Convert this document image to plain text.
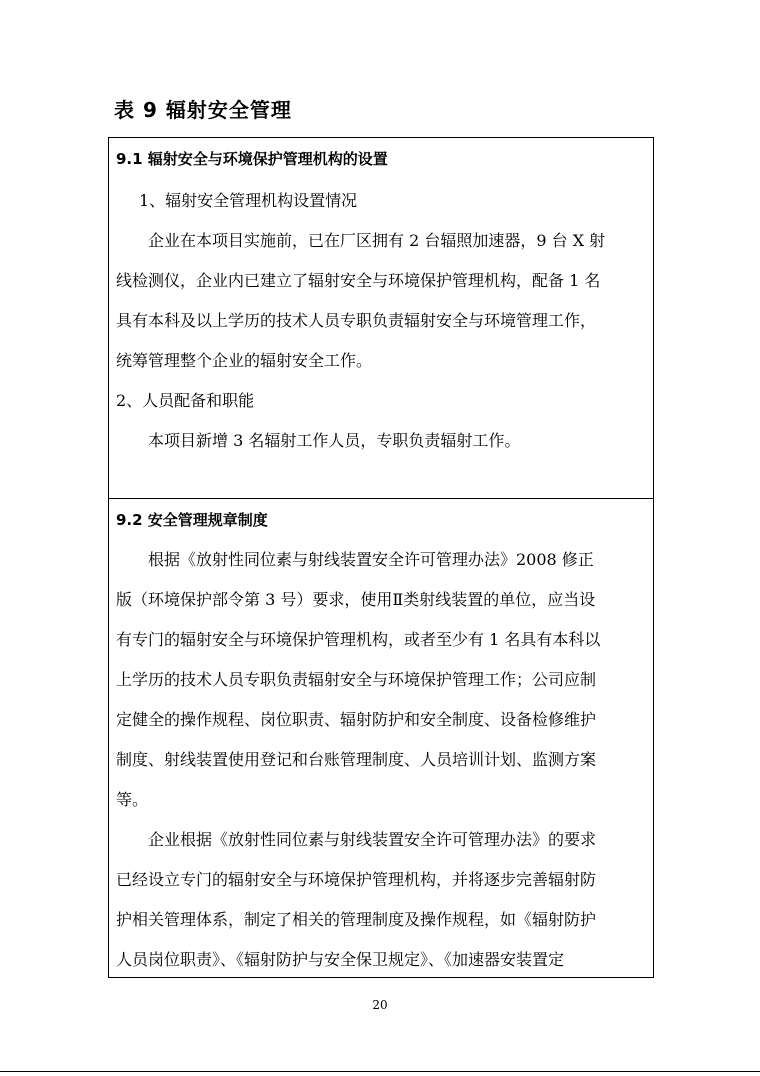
表 9 辐射安全管理
9.1 辐射安全与环境保护管理机构的设置
1、辐射安全管理机构设置情况
企业在本项目实施前，已在厂区拥有 2 台辐照加速器，9 台 X 射
线检测仪，企业内已建立了辐射安全与环境保护管理机构，配备 1 名
具有本科及以上学历的技术人员专职负责辐射安全与环境管理工作，
统筹管理整个企业的辐射安全工作。
2、人员配备和职能
本项目新增 3 名辐射工作人员，专职负责辐射工作。
9.2 安全管理规章制度
根据《放射性同位素与射线装置安全许可管理办法》2008 修正
版（环境保护部令第 3 号）要求，使用Ⅱ类射线装置的单位，应当设
有专门的辐射安全与环境保护管理机构，或者至少有 1 名具有本科以
上学历的技术人员专职负责辐射安全与环境保护管理工作；公司应制
定健全的操作规程、岗位职责、辐射防护和安全制度、设备检修维护
制度、射线装置使用登记和台账管理制度、人员培训计划、监测方案
等。
企业根据《放射性同位素与射线装置安全许可管理办法》的要求
已经设立专门的辐射安全与环境保护管理机构，并将逐步完善辐射防
护相关管理体系，制定了相关的管理制度及操作规程，如《辐射防护
人员岗位职责》、《辐射防护与安全保卫规定》、《加速器安装置定
20
